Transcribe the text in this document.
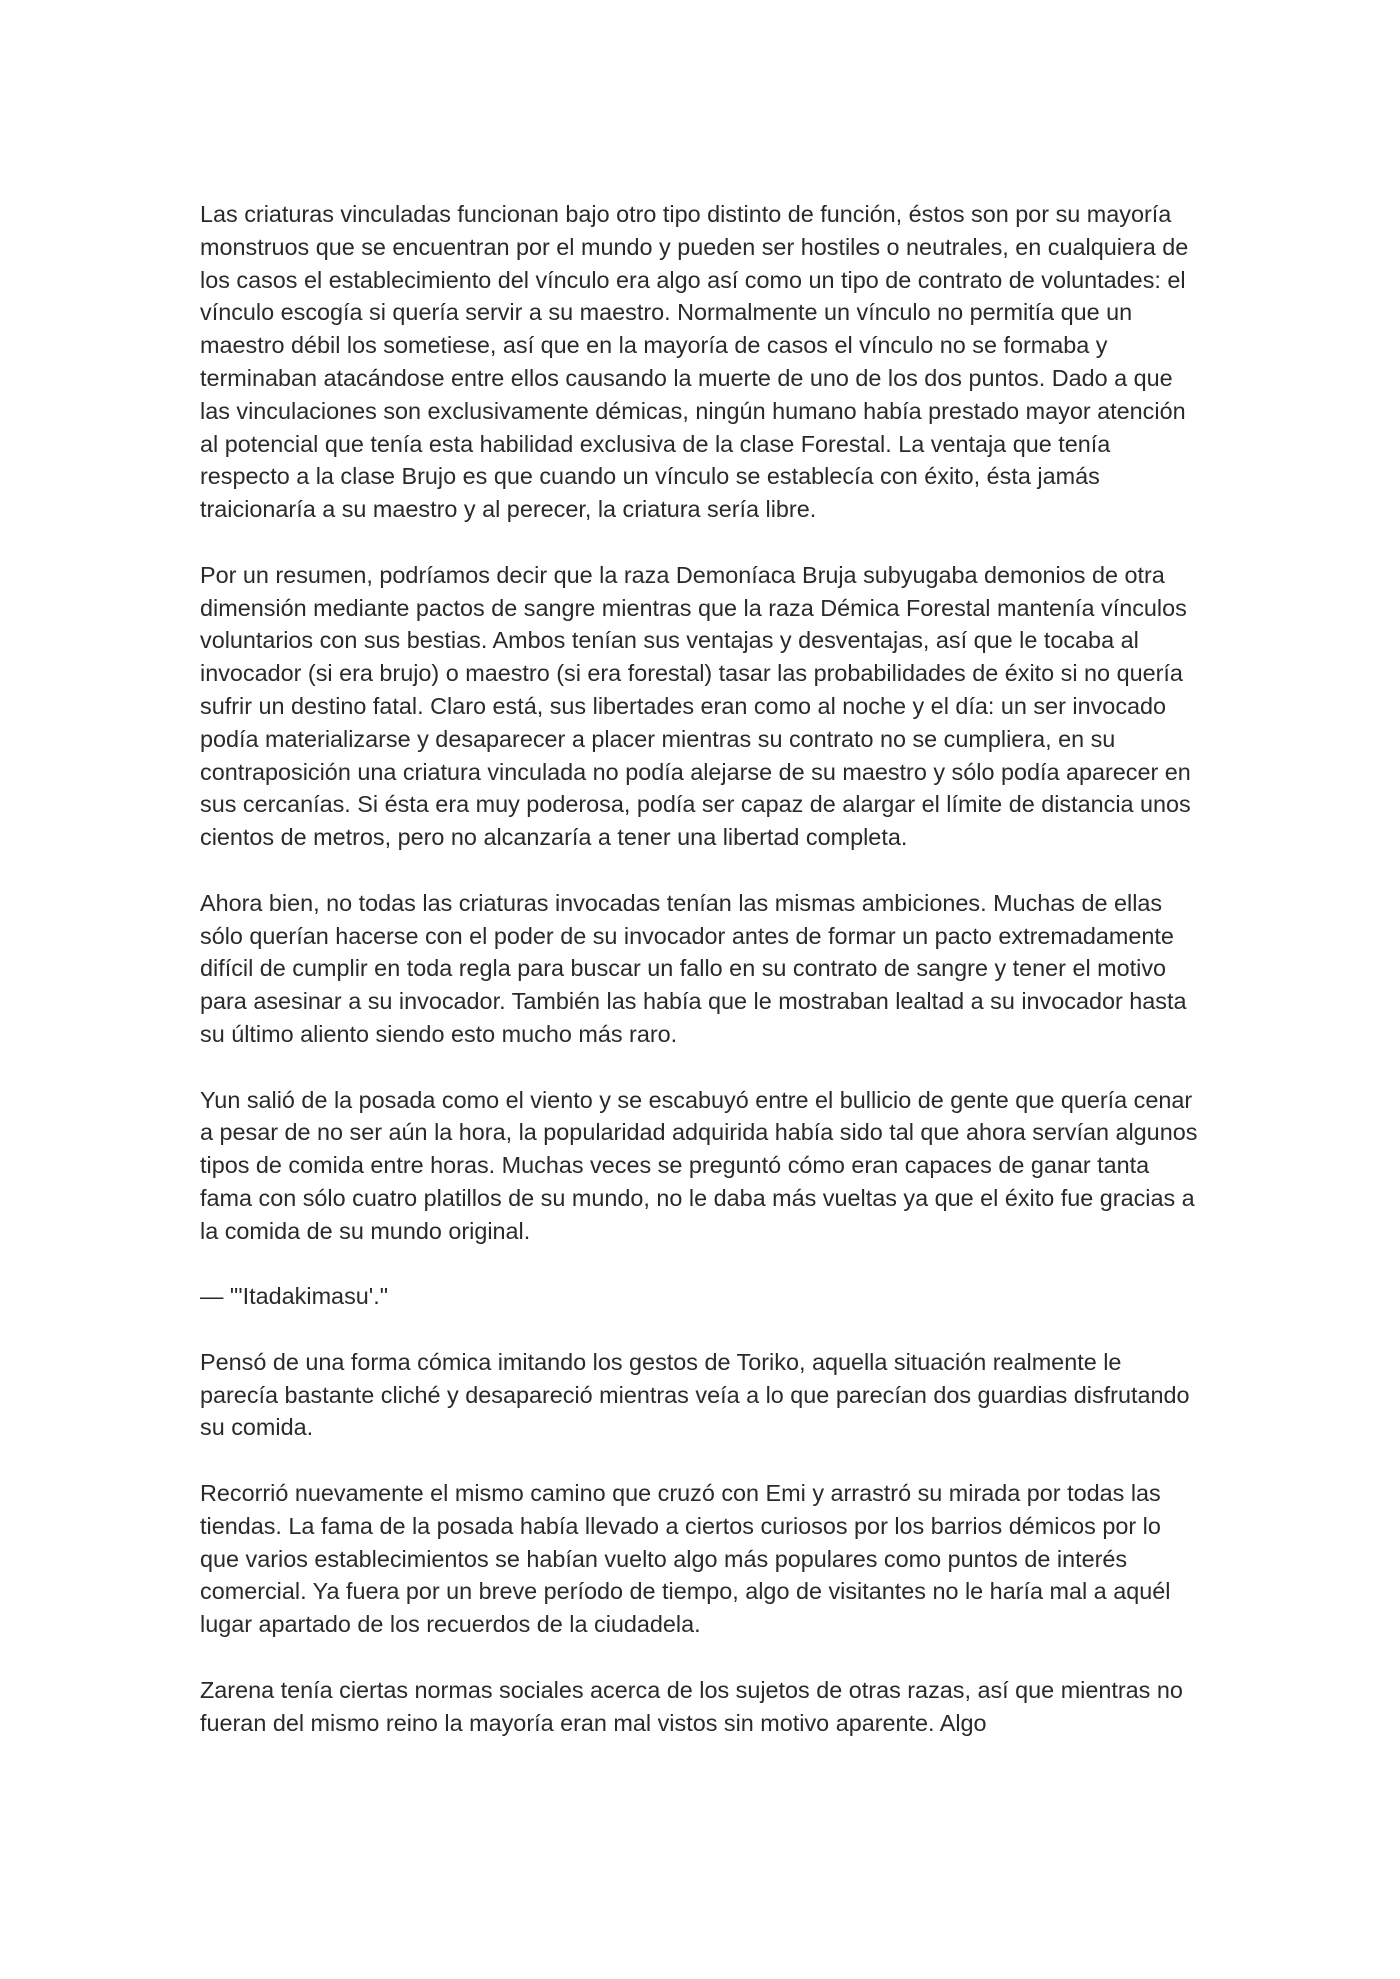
Las criaturas vinculadas funcionan bajo otro tipo distinto de función, éstos son por su mayoría monstruos que se encuentran por el mundo y pueden ser hostiles o neutrales, en cualquiera de los casos el establecimiento del vínculo era algo así como un tipo de contrato de voluntades: el vínculo escogía si quería servir a su maestro. Normalmente un vínculo no permitía que un maestro débil los sometiese, así que en la mayoría de casos el vínculo no se formaba y terminaban atacándose entre ellos causando la muerte de uno de los dos puntos. Dado a que las vinculaciones son exclusivamente démicas, ningún humano había prestado mayor atención al potencial que tenía esta habilidad exclusiva de la clase Forestal. La ventaja que tenía respecto a la clase Brujo es que cuando un vínculo se establecía con éxito, ésta jamás traicionaría a su maestro y al perecer, la criatura sería libre.

Por un resumen, podríamos decir que la raza Demoníaca Bruja subyugaba demonios de otra dimensión mediante pactos de sangre mientras que la raza Démica Forestal mantenía vínculos voluntarios con sus bestias. Ambos tenían sus ventajas y desventajas, así que le tocaba al invocador (si era brujo) o maestro (si era forestal) tasar las probabilidades de éxito si no quería sufrir un destino fatal. Claro está, sus libertades eran como al noche y el día: un ser invocado podía materializarse y desaparecer a placer mientras su contrato no se cumpliera, en su contraposición una criatura vinculada no podía alejarse de su maestro y sólo podía aparecer en sus cercanías. Si ésta era muy poderosa, podía ser capaz de alargar el límite de distancia unos cientos de metros, pero no alcanzaría a tener una libertad completa.

Ahora bien, no todas las criaturas invocadas tenían las mismas ambiciones. Muchas de ellas sólo querían hacerse con el poder de su invocador antes de formar un pacto extremadamente difícil de cumplir en toda regla para buscar un fallo en su contrato de sangre y tener el motivo para asesinar a su invocador. También las había que le mostraban lealtad a su invocador hasta su último aliento siendo esto mucho más raro.

Yun salió de la posada como el viento y se escabuyó entre el bullicio de gente que quería cenar a pesar de no ser aún la hora, la popularidad adquirida había sido tal que ahora servían algunos tipos de comida entre horas. Muchas veces se preguntó cómo eran capaces de ganar tanta fama con sólo cuatro platillos de su mundo, no le daba más vueltas ya que el éxito fue gracias a la comida de su mundo original.

— "'Itadakimasu'."

Pensó de una forma cómica imitando los gestos de Toriko, aquella situación realmente le parecía bastante cliché y desapareció mientras veía a lo que parecían dos guardias disfrutando su comida.

Recorrió nuevamente el mismo camino que cruzó con Emi y arrastró su mirada por todas las tiendas. La fama de la posada había llevado a ciertos curiosos por los barrios démicos por lo que varios establecimientos se habían vuelto algo más populares como puntos de interés comercial. Ya fuera por un breve período de tiempo, algo de visitantes no le haría mal a aquél lugar apartado de los recuerdos de la ciudadela.

Zarena tenía ciertas normas sociales acerca de los sujetos de otras razas, así que mientras no fueran del mismo reino la mayoría eran mal vistos sin motivo aparente. Algo
